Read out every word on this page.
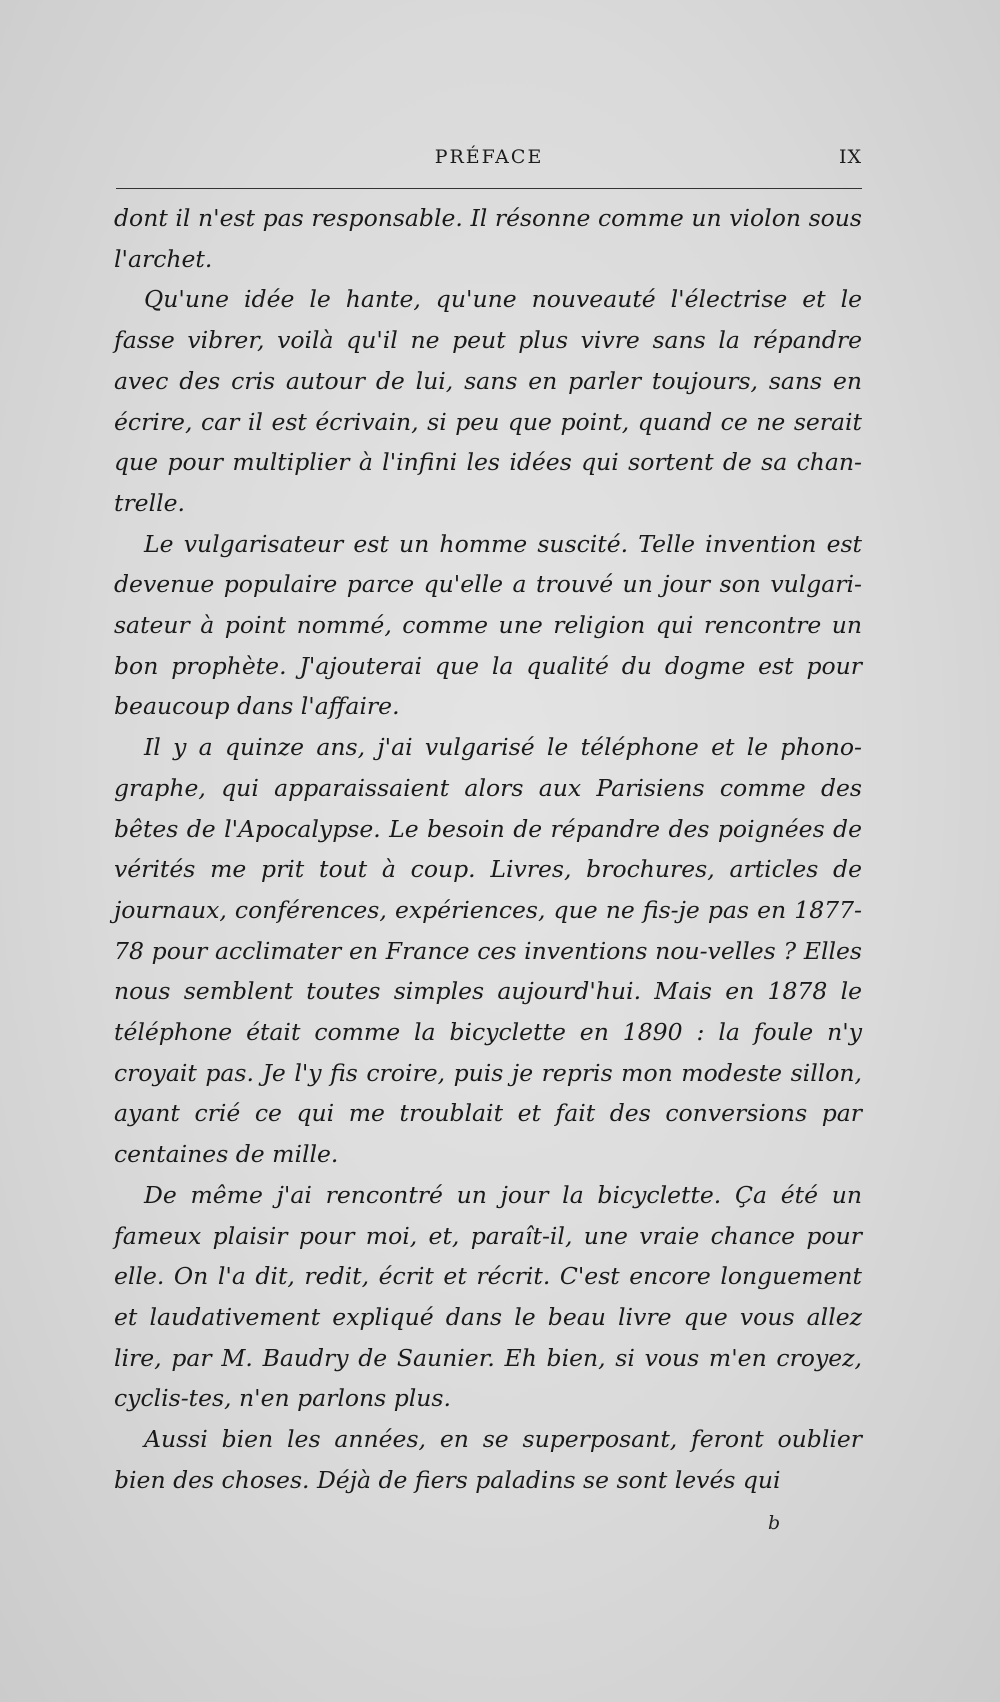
PRÉFACE	IX

dont il n'est pas responsable. Il résonne comme un violon sous l'archet.

Qu'une idée le hante, qu'une nouveauté l'électrise et le fasse vibrer, voilà qu'il ne peut plus vivre sans la répandre avec des cris autour de lui, sans en parler toujours, sans en écrire, car il est écrivain, si peu que point, quand ce ne serait que pour multiplier à l'infini les idées qui sortent de sa chan-trelle.

Le vulgarisateur est un homme suscité. Telle invention est devenue populaire parce qu'elle a trouvé un jour son vulgari-sateur à point nommé, comme une religion qui rencontre un bon prophète. J'ajouterai que la qualité du dogme est pour beaucoup dans l'affaire.

Il y a quinze ans, j'ai vulgarisé le téléphone et le phono-graphe, qui apparaissaient alors aux Parisiens comme des bêtes de l'Apocalypse. Le besoin de répandre des poignées de vérités me prit tout à coup. Livres, brochures, articles de journaux, conférences, expériences, que ne fis-je pas en 1877-78 pour acclimater en France ces inventions nou-velles ? Elles nous semblent toutes simples aujourd'hui. Mais en 1878 le téléphone était comme la bicyclette en 1890 : la foule n'y croyait pas. Je l'y fis croire, puis je repris mon modeste sillon, ayant crié ce qui me troublait et fait des conversions par centaines de mille.

De même j'ai rencontré un jour la bicyclette. Ça été un fameux plaisir pour moi, et, paraît-il, une vraie chance pour elle. On l'a dit, redit, écrit et récrit. C'est encore longuement et laudativement expliqué dans le beau livre que vous allez lire, par M. Baudry de Saunier. Eh bien, si vous m'en croyez, cyclis-tes, n'en parlons plus.

Aussi bien les années, en se superposant, feront oublier bien des choses. Déjà de fiers paladins se sont levés qui

b
